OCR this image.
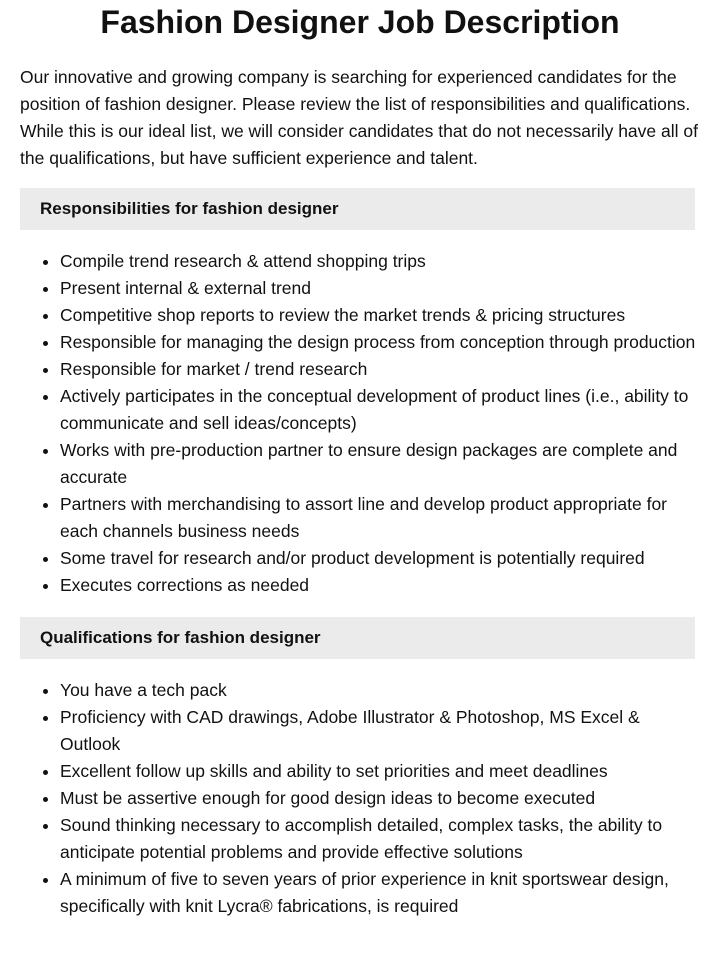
Fashion Designer Job Description

Our innovative and growing company is searching for experienced candidates for the position of fashion designer. Please review the list of responsibilities and qualifications. While this is our ideal list, we will consider candidates that do not necessarily have all of the qualifications, but have sufficient experience and talent.

Responsibilities for fashion designer
• Compile trend research & attend shopping trips
• Present internal & external trend
• Competitive shop reports to review the market trends & pricing structures
• Responsible for managing the design process from conception through production
• Responsible for market / trend research
• Actively participates in the conceptual development of product lines (i.e., ability to communicate and sell ideas/concepts)
• Works with pre-production partner to ensure design packages are complete and accurate
• Partners with merchandising to assort line and develop product appropriate for each channels business needs
• Some travel for research and/or product development is potentially required
• Executes corrections as needed
Qualifications for fashion designer
• You have a tech pack
• Proficiency with CAD drawings, Adobe Illustrator & Photoshop, MS Excel & Outlook
• Excellent follow up skills and ability to set priorities and meet deadlines
• Must be assertive enough for good design ideas to become executed
• Sound thinking necessary to accomplish detailed, complex tasks, the ability to anticipate potential problems and provide effective solutions
• A minimum of five to seven years of prior experience in knit sportswear design, specifically with knit Lycra® fabrications, is required
